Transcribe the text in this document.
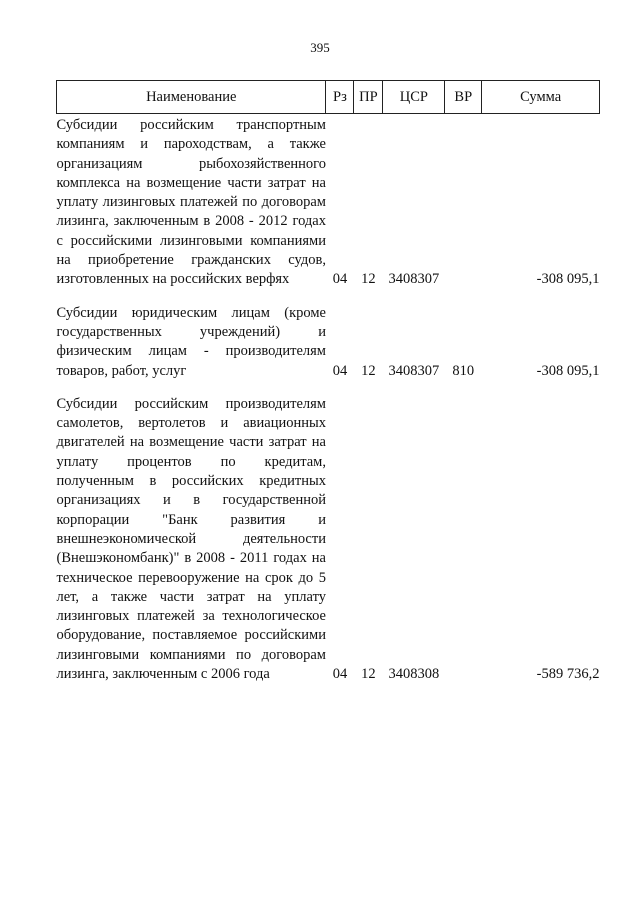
395
Наименование	Рз	ПР	ЦСР	ВР	Сумма
Субсидии российским транспортным компаниям и пароходствам, а также организациям рыбохозяйственного комплекса на возмещение части затрат на уплату лизинговых платежей по договорам лизинга, заключенным в 2008 - 2012 годах с российскими лизинговыми компаниями на приобретение гражданских судов, изготовленных на российских верфях	04	12	3408307		-308 095,1

Субсидии юридическим лицам (кроме государственных учреждений) и физическим лицам - производителям товаров, работ, услуг	04	12	3408307	810	-308 095,1

Субсидии российским производителям самолетов, вертолетов и авиационных двигателей на возмещение части затрат на уплату процентов по кредитам, полученным в российских кредитных организациях и в государственной корпорации "Банк развития и внешнеэкономической деятельности (Внешэкономбанк)" в 2008 - 2011 годах на техническое перевооружение на срок до 5 лет, а также части затрат на уплату лизинговых платежей за технологическое оборудование, поставляемое российскими лизинговыми компаниями по договорам лизинга, заключенным с 2006 года	04	12	3408308		-589 736,2
